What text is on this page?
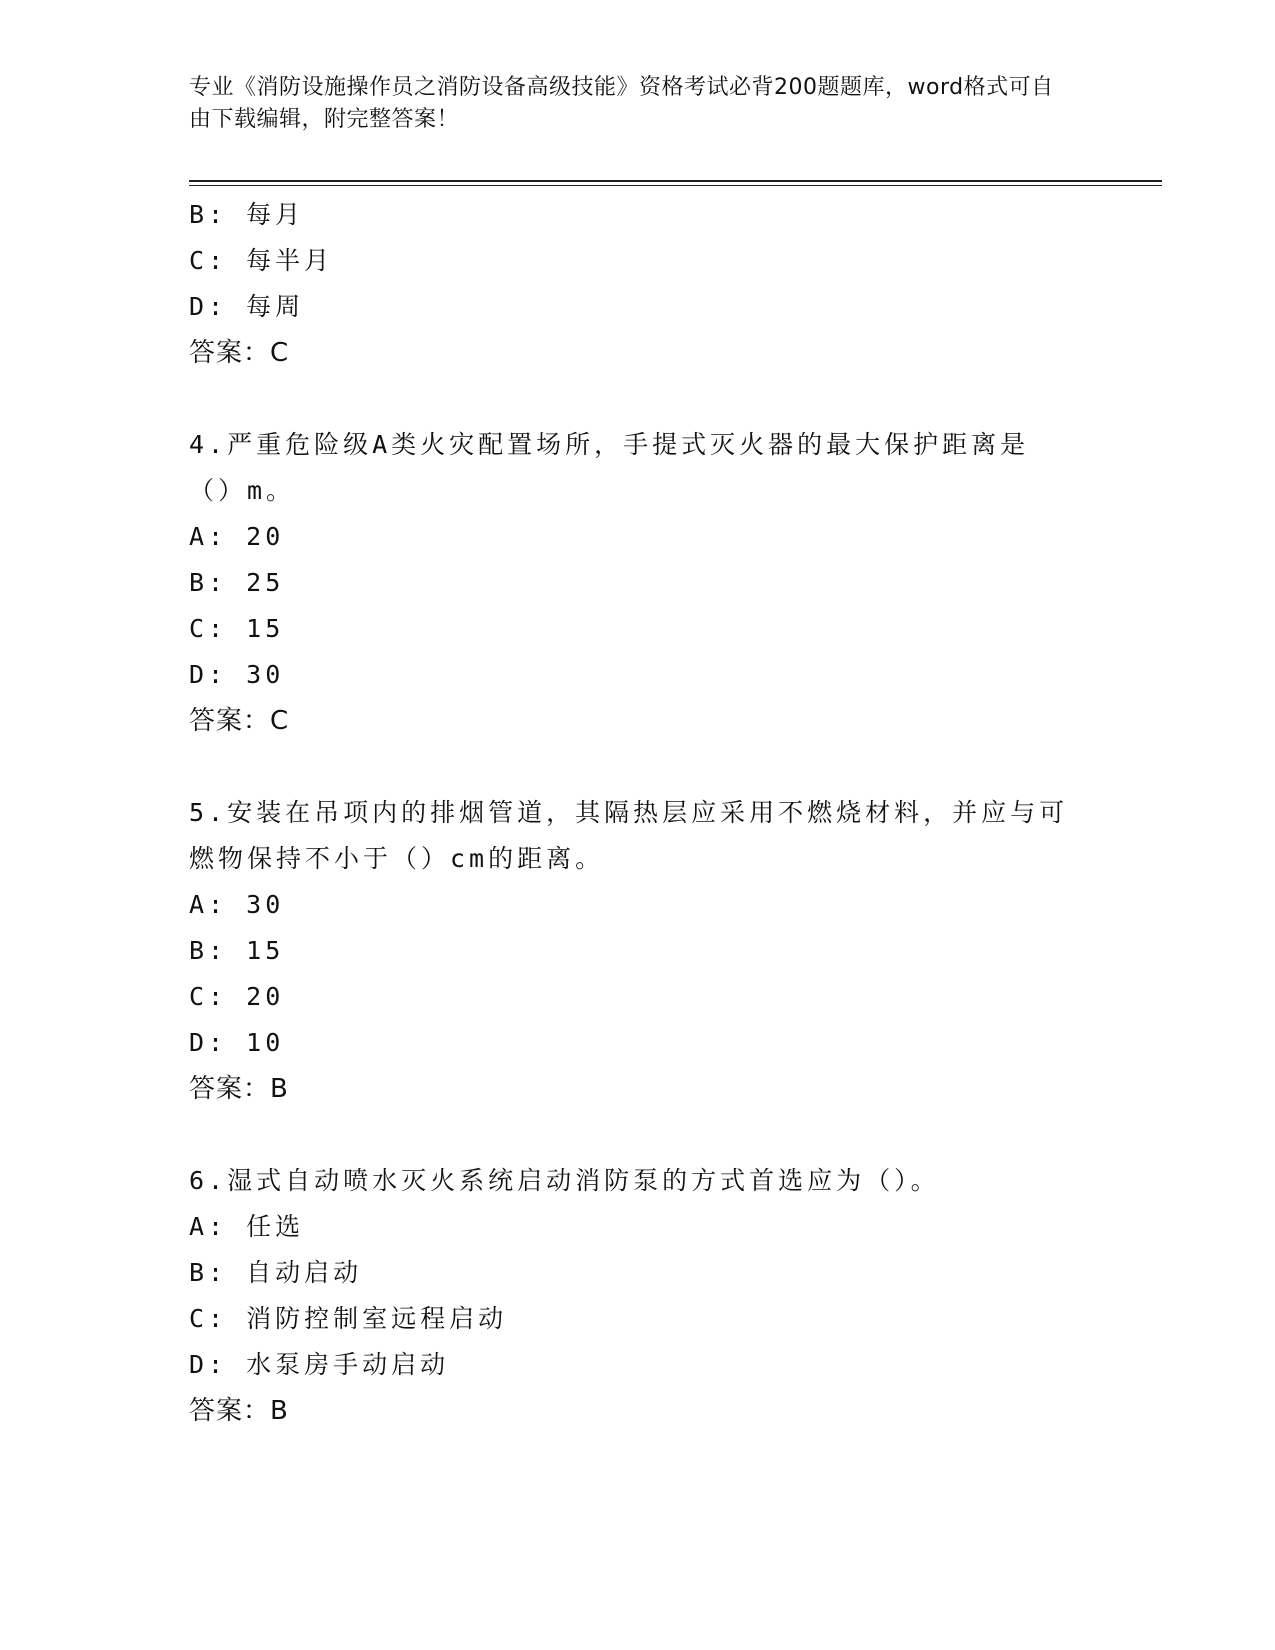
专业《消防设施操作员之消防设备高级技能》资格考试必背200题题库，word格式可自由下载编辑，附完整答案！
B: 每月
C: 每半月
D: 每周
答案：C
4.严重危险级A类火灾配置场所，手提式灭火器的最大保护距离是（）m。
A: 20
B: 25
C: 15
D: 30
答案：C
5.安装在吊项内的排烟管道，其隔热层应采用不燃烧材料，并应与可燃物保持不小于（）cm的距离。
A: 30
B: 15
C: 20
D: 10
答案：B
6.湿式自动喷水灭火系统启动消防泵的方式首选应为（）。
A: 任选
B: 自动启动
C: 消防控制室远程启动
D: 水泵房手动启动
答案：B
